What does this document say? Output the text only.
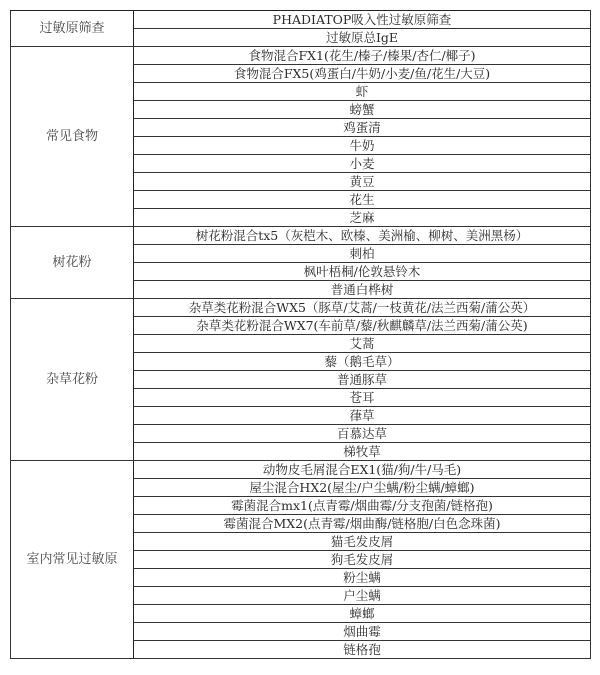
过敏原筛查	PHADIATOP吸入性过敏原筛查
	过敏原总IgE
常见食物	食物混合FX1(花生/榛子/榛果/杏仁/椰子)
	食物混合FX5(鸡蛋白/牛奶/小麦/鱼/花生/大豆)
	虾
	螃蟹
	鸡蛋清
	牛奶
	小麦
	黄豆
	花生
	芝麻
树花粉	树花粉混合tx5（灰桤木、欧榛、美洲榆、柳树、美洲黑杨）
	刺柏
	枫叶梧桐/伦敦悬铃木
	普通白桦树
杂草花粉	杂草类花粉混合WX5（豚草/艾蒿/一枝黄花/法兰西菊/蒲公英）
	杂草类花粉混合WX7(车前草/藜/秋麒麟草/法兰西菊/蒲公英)
	艾蒿
	藜（鹅毛草）
	普通豚草
	苍耳
	葎草
	百慕达草
	梯牧草
室内常见过敏原	动物皮毛屑混合EX1(猫/狗/牛/马毛)
	屋尘混合HX2(屋尘/户尘螨/粉尘螨/蟑螂)
	霉菌混合mx1(点青霉/烟曲霉/分支孢菌/链格孢)
	霉菌混合MX2(点青霉/烟曲酶/链格胞/白色念珠菌)
	猫毛发皮屑
	狗毛发皮屑
	粉尘螨
	户尘螨
	蟑螂
	烟曲霉
	链格孢
